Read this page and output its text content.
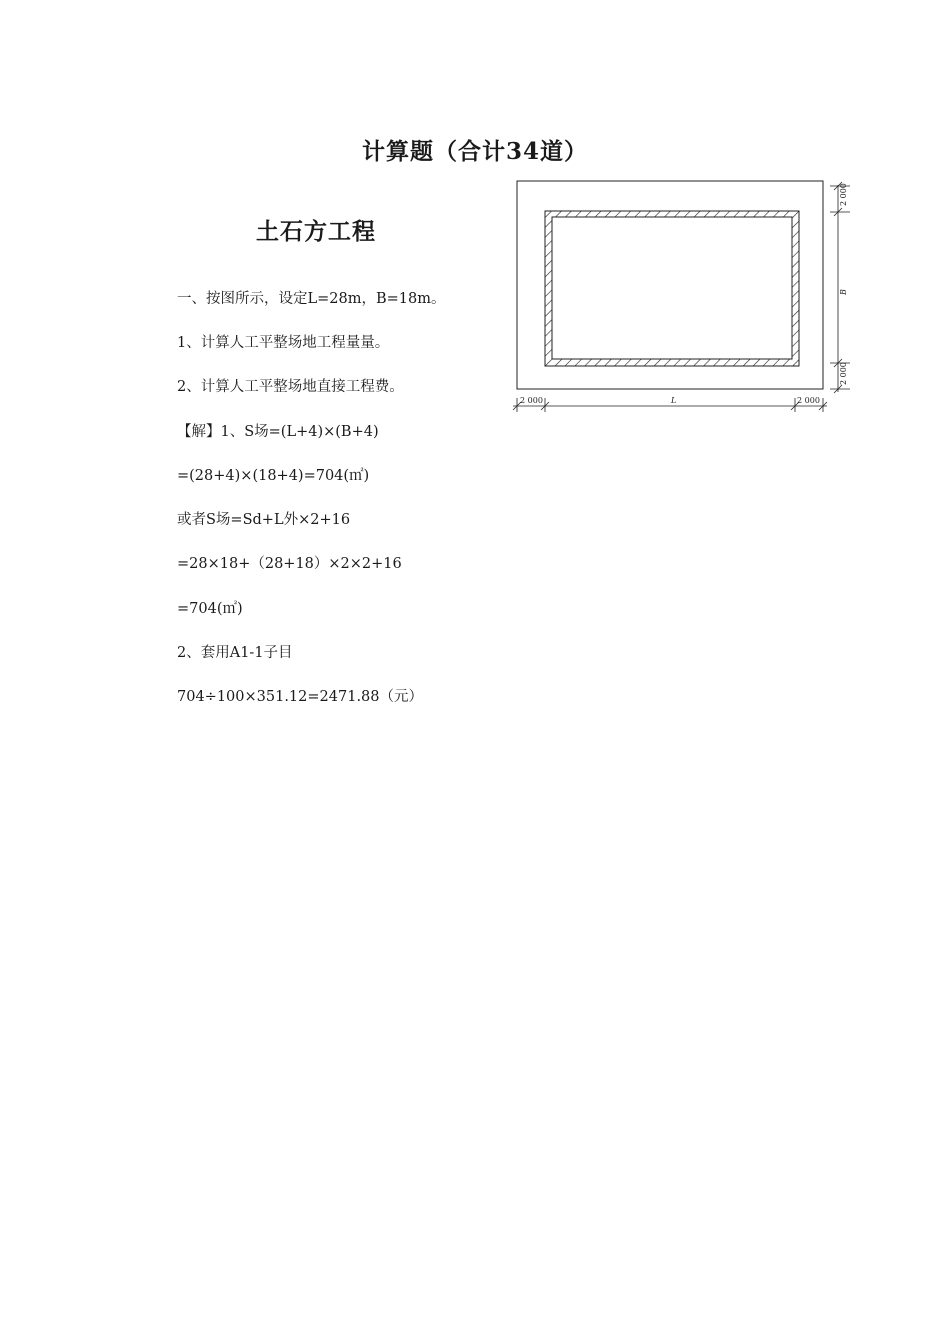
计算题（合计34道）
土石方工程
一、按图所示，设定L=28m，B=18m。
1、计算人工平整场地工程量量。
2、计算人工平整场地直接工程费。
【解】1、S场=(L+4)×(B+4)
=(28+4)×(18+4)=704(㎡)
或者S场=Sd+L外×2+16
=28×18+（28+18）×2×2+16
=704(㎡)
2、套用A1-1子目
704÷100×351.12=2471.88（元）
2 000
B
2 000
2 000	L	2 000
